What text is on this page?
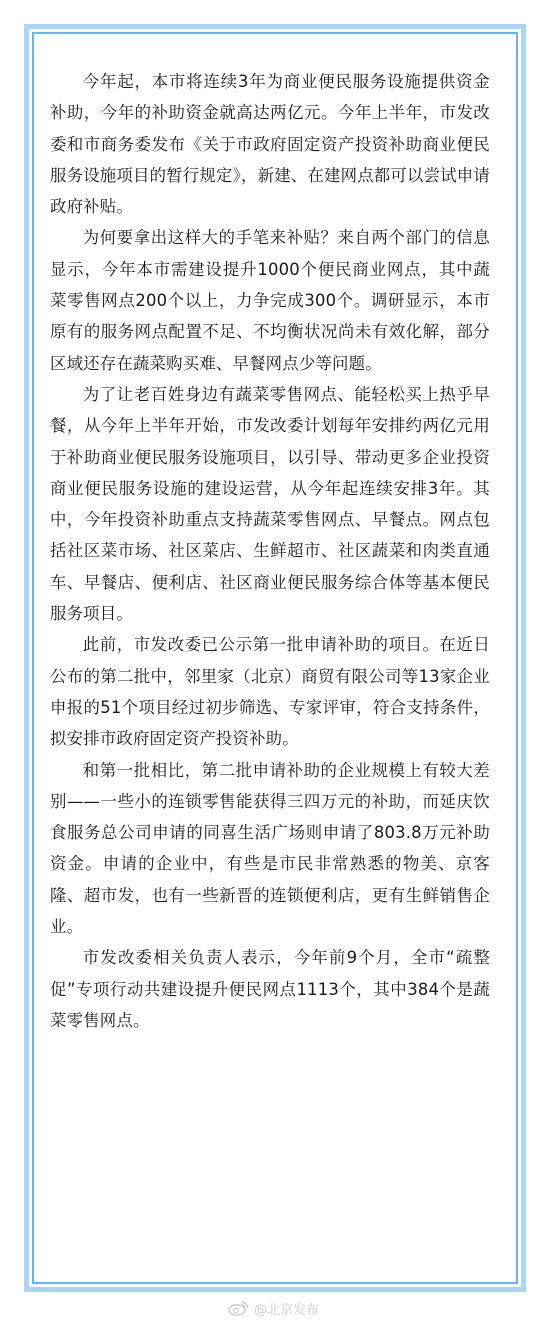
今年起，本市将连续3年为商业便民服务设施提供资金补助，今年的补助资金就高达两亿元。今年上半年，市发改委和市商务委发布《关于市政府固定资产投资补助商业便民服务设施项目的暂行规定》，新建、在建网点都可以尝试申请政府补贴。

为何要拿出这样大的手笔来补贴？来自两个部门的信息显示，今年本市需建设提升1000个便民商业网点，其中蔬菜零售网点200个以上，力争完成300个。调研显示，本市原有的服务网点配置不足、不均衡状况尚未有效化解，部分区域还存在蔬菜购买难、早餐网点少等问题。

为了让老百姓身边有蔬菜零售网点、能轻松买上热乎早餐，从今年上半年开始，市发改委计划每年安排约两亿元用于补助商业便民服务设施项目，以引导、带动更多企业投资商业便民服务设施的建设运营，从今年起连续安排3年。其中，今年投资补助重点支持蔬菜零售网点、早餐点。网点包括社区菜市场、社区菜店、生鲜超市、社区蔬菜和肉类直通车、早餐店、便利店、社区商业便民服务综合体等基本便民服务项目。

此前，市发改委已公示第一批申请补助的项目。在近日公布的第二批中，邻里家（北京）商贸有限公司等13家企业申报的51个项目经过初步筛选、专家评审，符合支持条件，拟安排市政府固定资产投资补助。

和第一批相比，第二批申请补助的企业规模上有较大差别——一些小的连锁零售能获得三四万元的补助，而延庆饮食服务总公司申请的同喜生活广场则申请了803.8万元补助资金。申请的企业中，有些是市民非常熟悉的物美、京客隆、超市发，也有一些新晋的连锁便利店，更有生鲜销售企业。

市发改委相关负责人表示，今年前9个月，全市“疏整促”专项行动共建设提升便民网点1113个，其中384个是蔬菜零售网点。

@北京发布
